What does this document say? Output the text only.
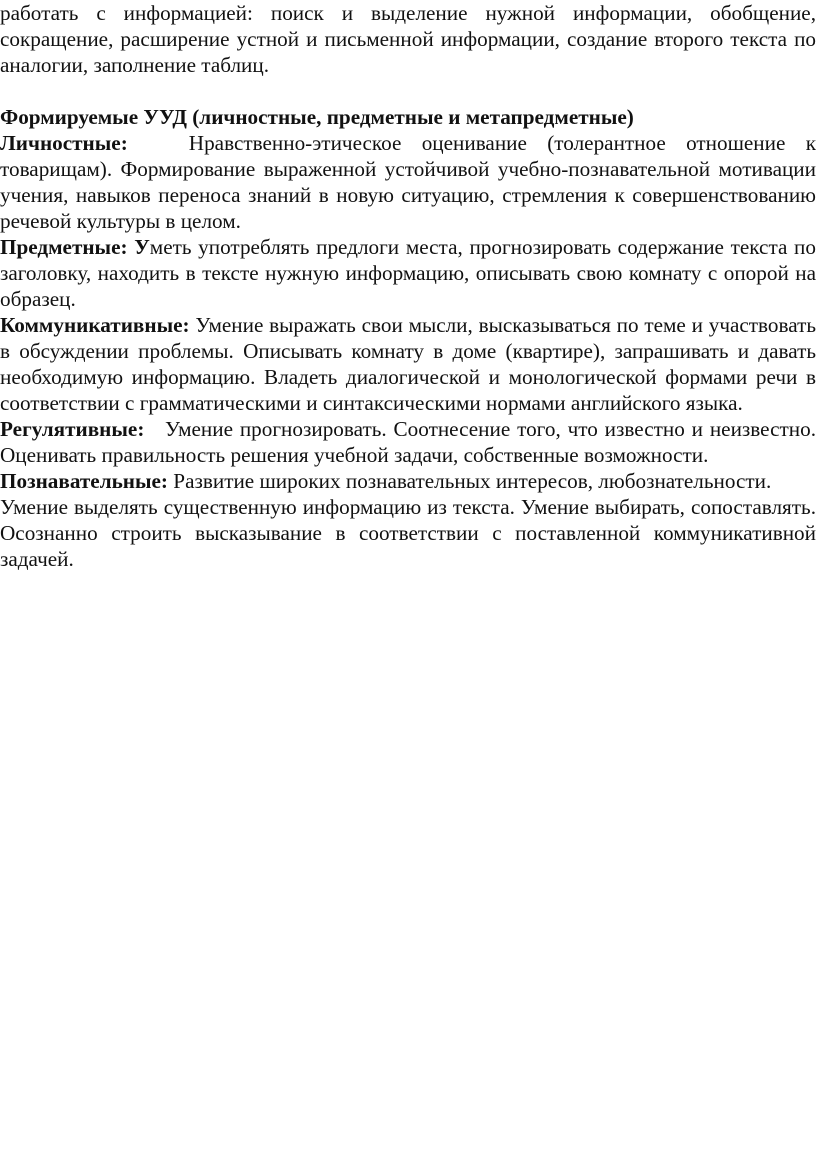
работать с информацией: поиск и выделение нужной информации, обобщение, сокращение, расширение устной и письменной информации, создание второго текста по аналогии, заполнение таблиц.

Формируемые УУД (личностные, предметные и метапредметные)

Личностные:	Нравственно-этическое оценивание (толерантное отношение к товарищам). Формирование выраженной устойчивой учебно-познавательной мотивации учения, навыков переноса знаний в новую ситуацию, стремления к совершенствованию речевой культуры в целом.

Предметные: Уметь употреблять предлоги места, прогнозировать содержание текста по заголовку, находить в тексте нужную информацию, описывать свою комнату с опорой на образец.

Коммуникативные: Умение выражать свои мысли, высказываться по теме и участвовать в обсуждении проблемы. Описывать комнату в доме (квартире), запрашивать и давать необходимую информацию. Владеть диалогической и монологической формами речи в соответствии с грамматическими и синтаксическими нормами английского языка.

Регулятивные: Умение прогнозировать. Соотнесение того, что известно и неизвестно. Оценивать правильность решения учебной задачи, собственные возможности.

Познавательные: Развитие широких познавательных интересов, любознательности.

Умение выделять существенную информацию из текста. Умение выбирать, сопоставлять. Осознанно строить высказывание в соответствии с поставленной коммуникативной задачей.
